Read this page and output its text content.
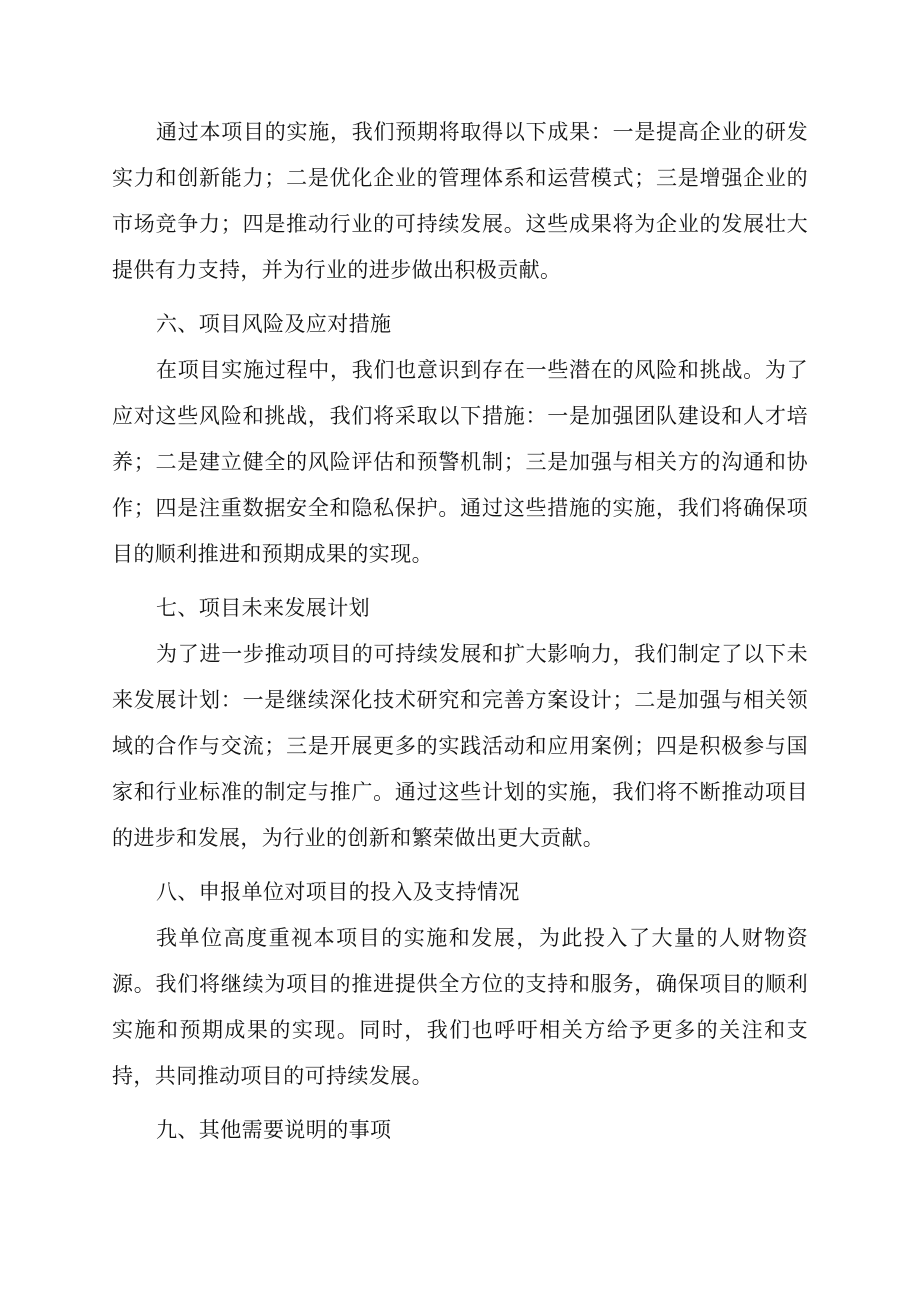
通过本项目的实施，我们预期将取得以下成果：一是提高企业的研发实力和创新能力；二是优化企业的管理体系和运营模式；三是增强企业的市场竞争力；四是推动行业的可持续发展。这些成果将为企业的发展壮大提供有力支持，并为行业的进步做出积极贡献。

六、项目风险及应对措施

在项目实施过程中，我们也意识到存在一些潜在的风险和挑战。为了应对这些风险和挑战，我们将采取以下措施：一是加强团队建设和人才培养；二是建立健全的风险评估和预警机制；三是加强与相关方的沟通和协作；四是注重数据安全和隐私保护。通过这些措施的实施，我们将确保项目的顺利推进和预期成果的实现。

七、项目未来发展计划

为了进一步推动项目的可持续发展和扩大影响力，我们制定了以下未来发展计划：一是继续深化技术研究和完善方案设计；二是加强与相关领域的合作与交流；三是开展更多的实践活动和应用案例；四是积极参与国家和行业标准的制定与推广。通过这些计划的实施，我们将不断推动项目的进步和发展，为行业的创新和繁荣做出更大贡献。

八、申报单位对项目的投入及支持情况

我单位高度重视本项目的实施和发展，为此投入了大量的人财物资源。我们将继续为项目的推进提供全方位的支持和服务，确保项目的顺利实施和预期成果的实现。同时，我们也呼吁相关方给予更多的关注和支持，共同推动项目的可持续发展。

九、其他需要说明的事项
